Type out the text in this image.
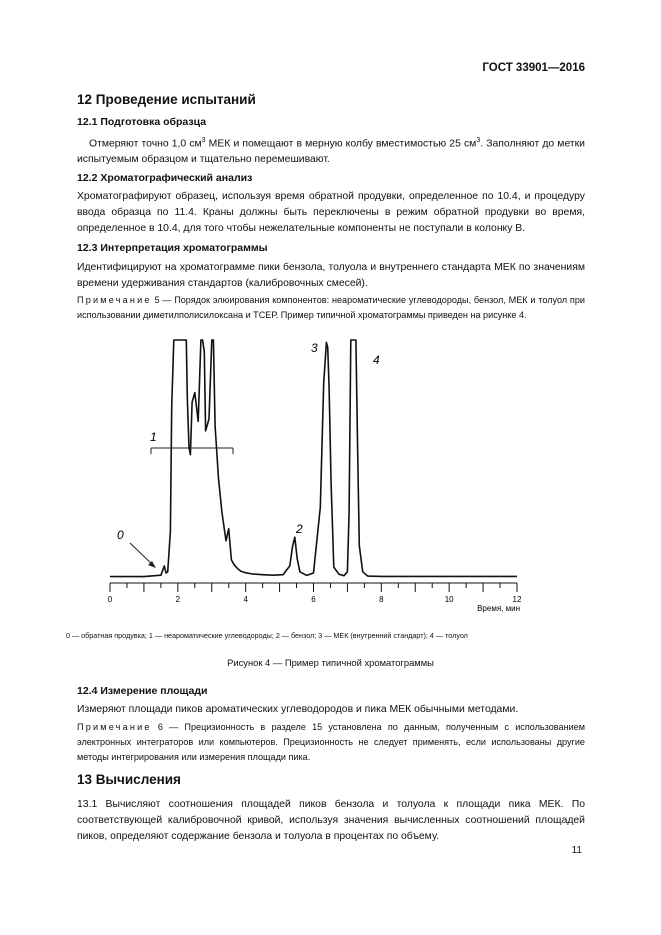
ГОСТ 33901—2016
12 Проведение испытаний
12.1 Подготовка образца
Отмеряют точно 1,0 $см^3$ МЕК и помещают в мерную колбу вместимостью 25 $см^3$. Заполняют до метки испытуемым образцом и тщательно перемешивают.
12.2 Хроматографический анализ
Хроматографируют образец, используя время обратной продувки, определенное по 10.4, и процедуру ввода образца по 11.4. Краны должны быть переключены в режим обратной продувки во время, определенное в 10.4, для того чтобы нежелательные компоненты не поступали в колонку B.
12.3 Интерпретация хроматограммы
Идентифицируют на хроматограмме пики бензола, толуола и внутреннего стандарта МЕК по значениям времени удерживания стандартов (калибровочных смесей).
Примечание 5 — Порядок элюирования компонентов: неароматические углеводороды, бензол, МЕК и толуол при использовании диметилполисилоксана и ТСЕР. Пример типичной хроматограммы приведен на рисунке 4.
0	2	4	6	8	10	12
Время, мин
0
1
2
3
4
0 — обратная продувка; 1 — неароматические углеводороды; 2 — бензол; 3 — МЕК (внутренний стандарт); 4 — толуол
Рисунок 4 — Пример типичной хроматограммы
12.4 Измерение площади
Измеряют площади пиков ароматических углеводородов и пика МЕК обычными методами.
Примечание 6 — Прецизионность в разделе 15 установлена по данным, полученным с использованием электронных интеграторов или компьютеров. Прецизионность не следует применять, если использованы другие методы интегрирования или измерения площади пика.
13 Вычисления
13.1 Вычисляют соотношения площадей пиков бензола и толуола к площади пика МЕК. По соответствующей калибровочной кривой, используя значения вычисленных соотношений площадей пиков, определяют содержание бензола и толуола в процентах по объему.
11
